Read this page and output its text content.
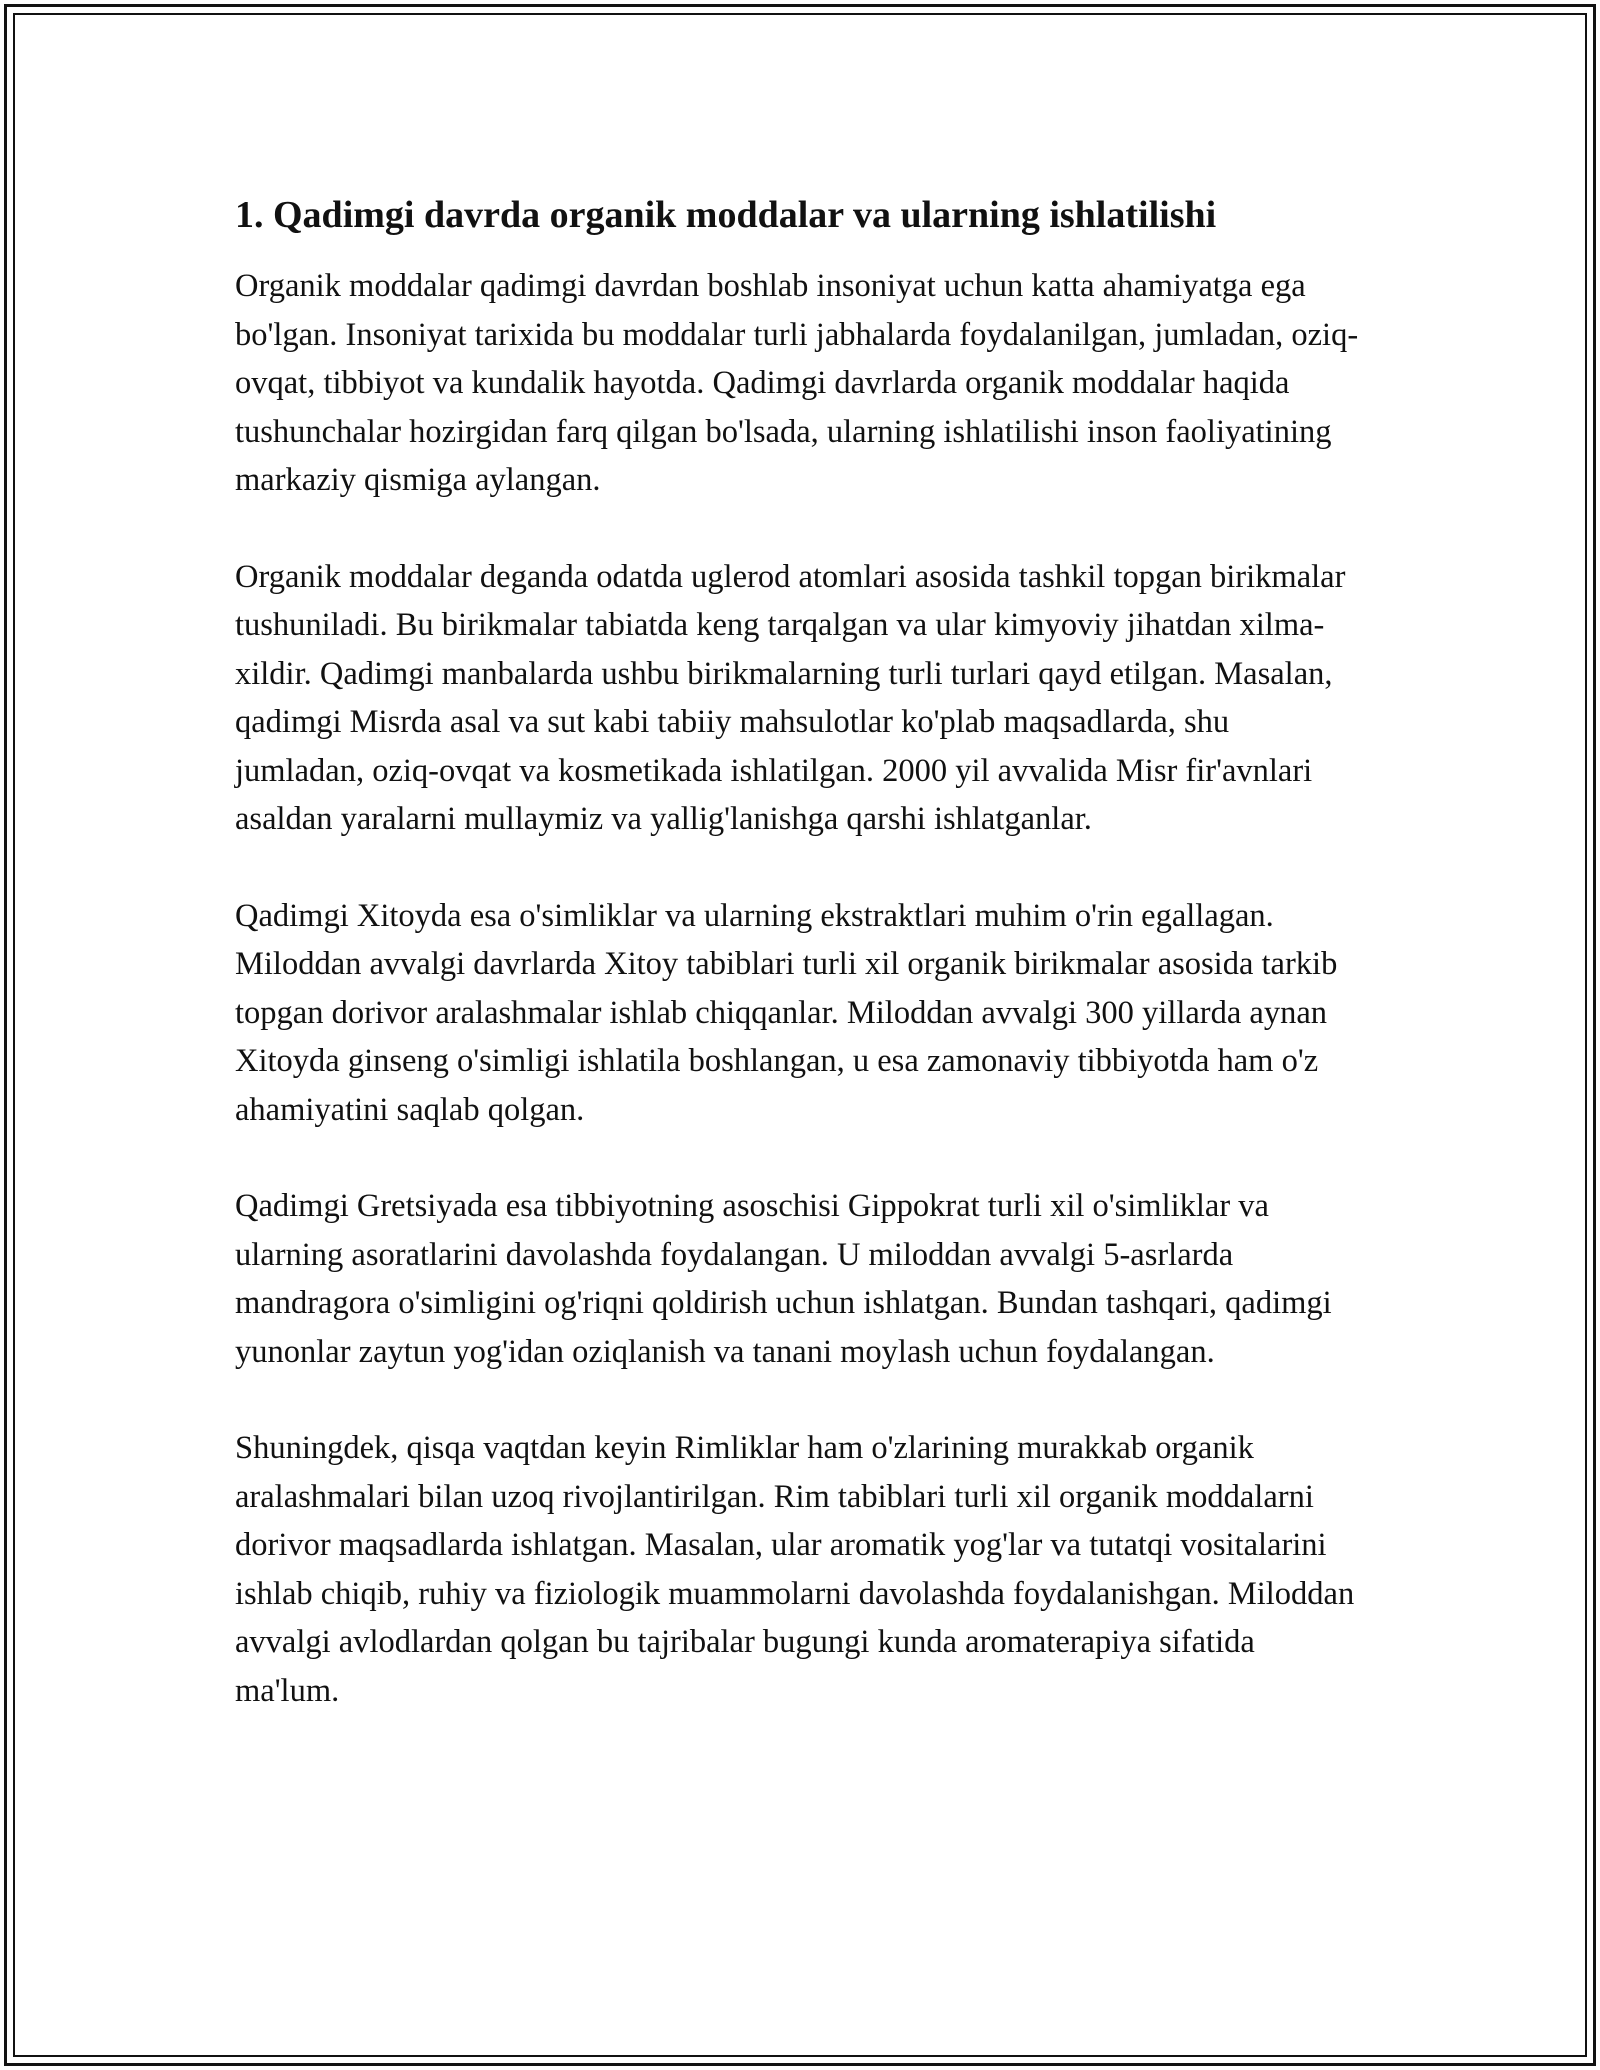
1. Qadimgi davrda organik moddalar va ularning ishlatilishi

Organik moddalar qadimgi davrdan boshlab insoniyat uchun katta ahamiyatga ega bo'lgan. Insoniyat tarixida bu moddalar turli jabhalarda foydalanilgan, jumladan, oziq-ovqat, tibbiyot va kundalik hayotda. Qadimgi davrlarda organik moddalar haqida tushunchalar hozirgidan farq qilgan bo'lsada, ularning ishlatilishi inson faoliyatining markaziy qismiga aylangan.

Organik moddalar deganda odatda uglerod atomlari asosida tashkil topgan birikmalar tushuniladi. Bu birikmalar tabiatda keng tarqalgan va ular kimyoviy jihatdan xilma-xildir. Qadimgi manbalarda ushbu birikmalarning turli turlari qayd etilgan. Masalan, qadimgi Misrda asal va sut kabi tabiiy mahsulotlar ko'plab maqsadlarda, shu jumladan, oziq-ovqat va kosmetikada ishlatilgan. 2000 yil avvalida Misr fir'avnlari asaldan yaralarni mullaymiz va yallig'lanishga qarshi ishlatganlar.

Qadimgi Xitoyda esa o'simliklar va ularning ekstraktlari muhim o'rin egallagan. Miloddan avvalgi davrlarda Xitoy tabiblari turli xil organik birikmalar asosida tarkib topgan dorivor aralashmalar ishlab chiqqanlar. Miloddan avvalgi 300 yillarda aynan Xitoyda ginseng o'simligi ishlatila boshlangan, u esa zamonaviy tibbiyotda ham o'z ahamiyatini saqlab qolgan.

Qadimgi Gretsiyada esa tibbiyotning asoschisi Gippokrat turli xil o'simliklar va ularning asoratlarini davolashda foydalangan. U miloddan avvalgi 5-asrlarda mandragora o'simligini og'riqni qoldirish uchun ishlatgan. Bundan tashqari, qadimgi yunonlar zaytun yog'idan oziqlanish va tanani moylash uchun foydalangan.

Shuningdek, qisqa vaqtdan keyin Rimliklar ham o'zlarining murakkab organik aralashmalari bilan uzoq rivojlantirilgan. Rim tabiblari turli xil organik moddalarni dorivor maqsadlarda ishlatgan. Masalan, ular aromatik yog'lar va tutatqi vositalarini ishlab chiqib, ruhiy va fiziologik muammolarni davolashda foydalanishgan. Miloddan avvalgi avlodlardan qolgan bu tajribalar bugungi kunda aromaterapiya sifatida ma'lum.
